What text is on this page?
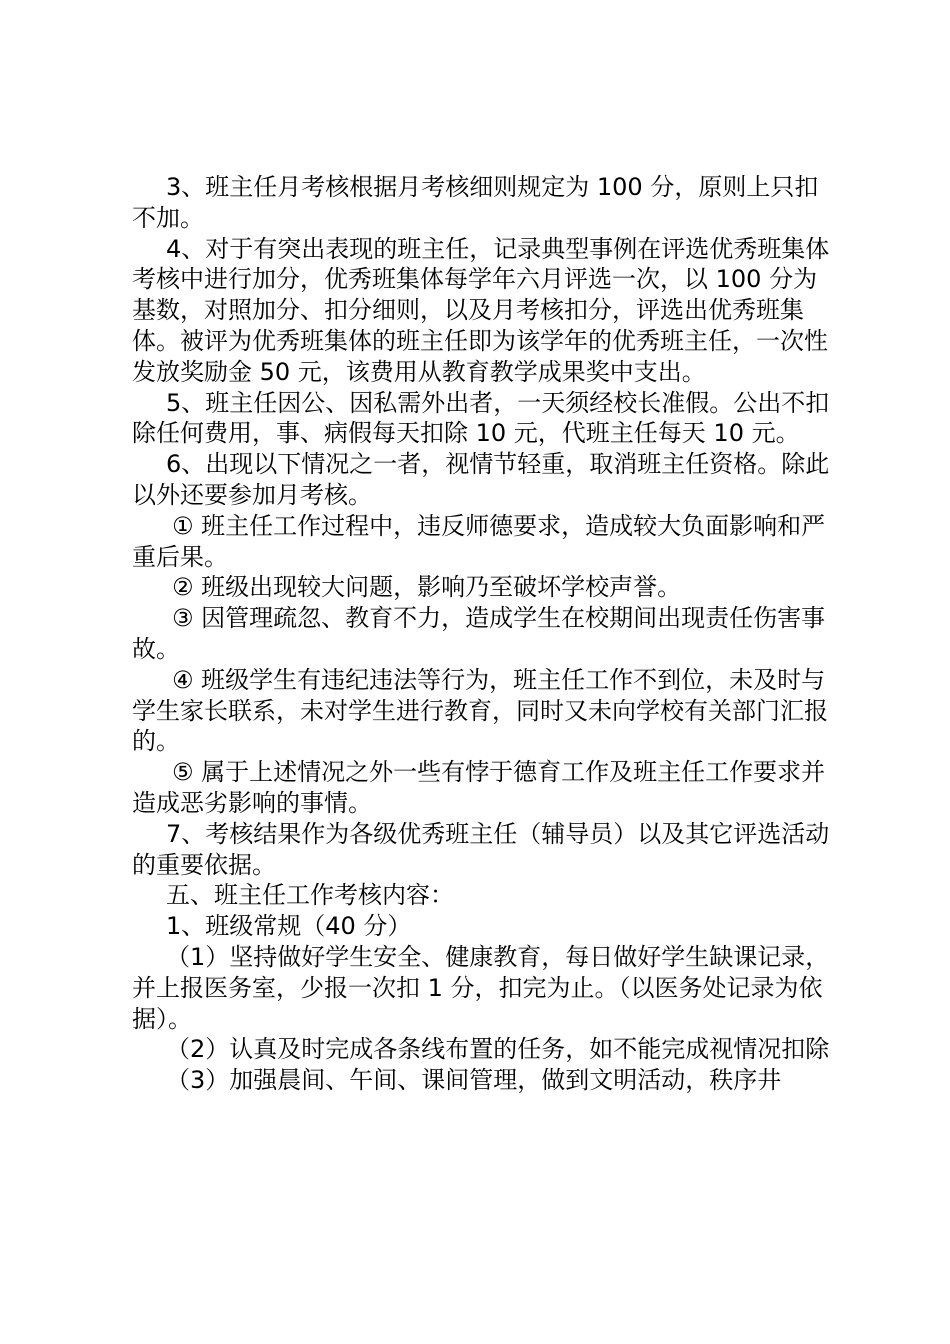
3、班主任月考核根据月考核细则规定为 100 分，原则上只扣不加。

4、对于有突出表现的班主任，记录典型事例在评选优秀班集体考核中进行加分，优秀班集体每学年六月评选一次，以 100 分为基数，对照加分、扣分细则，以及月考核扣分，评选出优秀班集体。被评为优秀班集体的班主任即为该学年的优秀班主任，一次性发放奖励金 50 元，该费用从教育教学成果奖中支出。

5、班主任因公、因私需外出者，一天须经校长准假。公出不扣除任何费用，事、病假每天扣除 10 元，代班主任每天 10 元。

6、出现以下情况之一者，视情节轻重，取消班主任资格。除此以外还要参加月考核。

① 班主任工作过程中，违反师德要求，造成较大负面影响和严重后果。

② 班级出现较大问题，影响乃至破坏学校声誉。

③ 因管理疏忽、教育不力，造成学生在校期间出现责任伤害事故。

④ 班级学生有违纪违法等行为，班主任工作不到位，未及时与学生家长联系，未对学生进行教育，同时又未向学校有关部门汇报的。

⑤ 属于上述情况之外一些有悖于德育工作及班主任工作要求并造成恶劣影响的事情。

7、考核结果作为各级优秀班主任（辅导员）以及其它评选活动的重要依据。

五、班主任工作考核内容：

1、班级常规（40 分）

（1）坚持做好学生安全、健康教育，每日做好学生缺课记录，并上报医务室，少报一次扣 1 分，扣完为止。（以医务处记录为依据）。

（2）认真及时完成各条线布置的任务，如不能完成视情况扣除

（3）加强晨间、午间、课间管理，做到文明活动，秩序井
